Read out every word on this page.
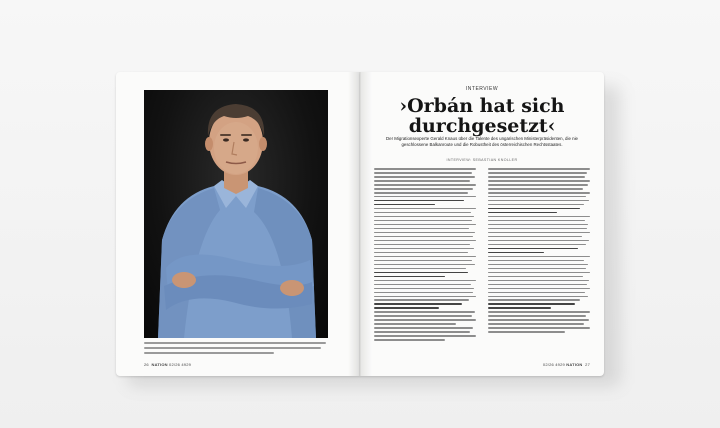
26 NATION 02/26 4929
INTERVIEW
›Orbán hat sich durchgesetzt‹
Der Migrationsexperte Gerald Knaus über die Talente des ungarischen Ministerpräsidenten, die nie geschlossene Balkanroute und die Robustheit des österreichischen Rechtsstaates.
INTERVIEW: SEBASTIAN KNOLLER
02/26 4929 NATION 27
